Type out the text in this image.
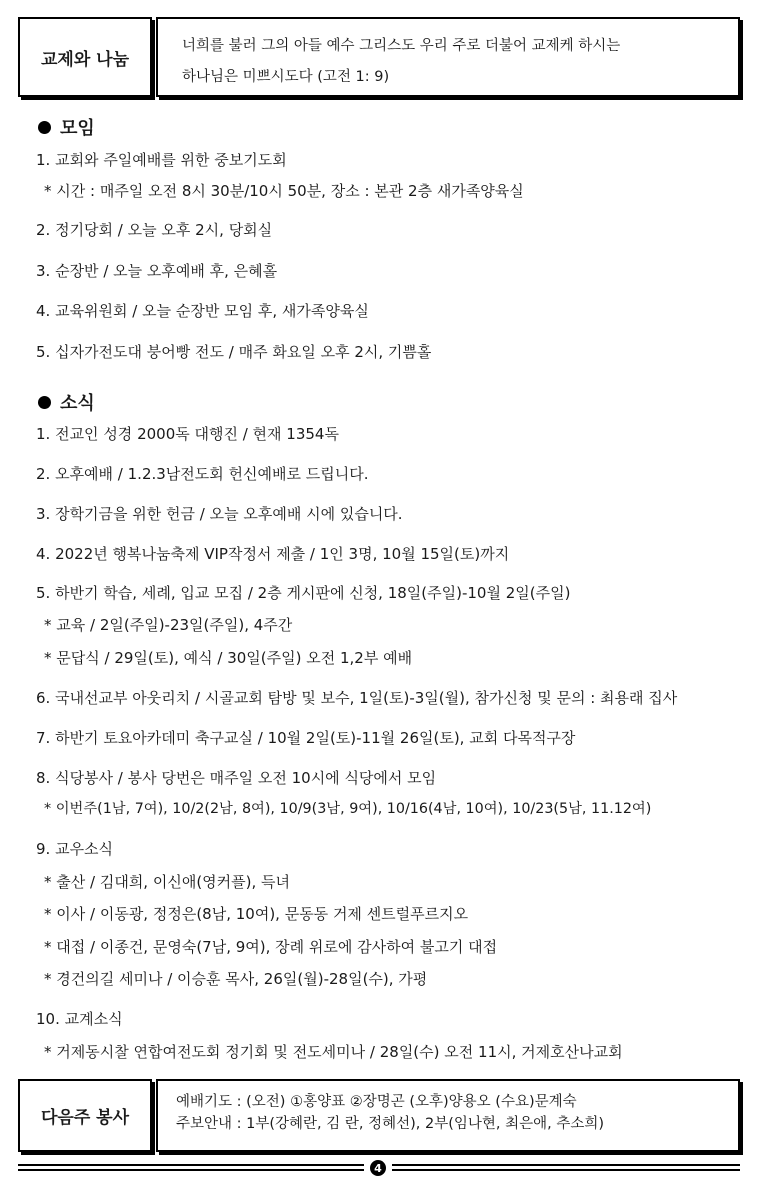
교제와 나눔
너희를 불러 그의 아들 예수 그리스도 우리 주로 더불어 교제케 하시는
하나님은 미쁘시도다 (고전 1: 9)
모임
1. 교회와 주일예배를 위한 중보기도회
* 시간 : 매주일 오전 8시 30분/10시 50분, 장소 : 본관 2층 새가족양육실
2. 정기당회 / 오늘 오후 2시, 당회실
3. 순장반 / 오늘 오후예배 후, 은혜홀
4. 교육위원회 / 오늘 순장반 모임 후, 새가족양육실
5. 십자가전도대 붕어빵 전도 / 매주 화요일 오후 2시, 기쁨홀
소식
1. 전교인 성경 2000독 대행진 / 현재 1354독
2. 오후예배 / 1.2.3남전도회 헌신예배로 드립니다.
3. 장학기금을 위한 헌금 / 오늘 오후예배 시에 있습니다.
4. 2022년 행복나눔축제 VIP작정서 제출 / 1인 3명, 10월 15일(토)까지
5. 하반기 학습, 세례, 입교 모집 / 2층 게시판에 신청, 18일(주일)-10월 2일(주일)
* 교육 / 2일(주일)-23일(주일), 4주간
* 문답식 / 29일(토), 예식 / 30일(주일) 오전 1,2부 예배
6. 국내선교부 아웃리치 / 시골교회 탐방 및 보수, 1일(토)-3일(월), 참가신청 및 문의 : 최용래 집사
7. 하반기 토요아카데미 축구교실 / 10월 2일(토)-11월 26일(토), 교회 다목적구장
8. 식당봉사 / 봉사 당번은 매주일 오전 10시에 식당에서 모임
* 이번주(1남, 7여), 10/2(2남, 8여), 10/9(3남, 9여), 10/16(4남, 10여), 10/23(5남, 11.12여)
9. 교우소식
* 출산 / 김대희, 이신애(영커플), 득녀
* 이사 / 이동광, 정정은(8남, 10여), 문동동 거제 센트럴푸르지오
* 대접 / 이종건, 문영숙(7남, 9여), 장례 위로에 감사하여 불고기 대접
* 경건의길 세미나 / 이승훈 목사, 26일(월)-28일(수), 가평
10. 교계소식
* 거제동시찰 연합여전도회 정기회 및 전도세미나 / 28일(수) 오전 11시, 거제호산나교회
다음주 봉사
예배기도 : (오전) ①홍양표 ②장명곤 (오후)양용오 (수요)문계숙
주보안내 : 1부(강혜란, 김 란, 정혜선), 2부(임나현, 최은애, 추소희)
4
